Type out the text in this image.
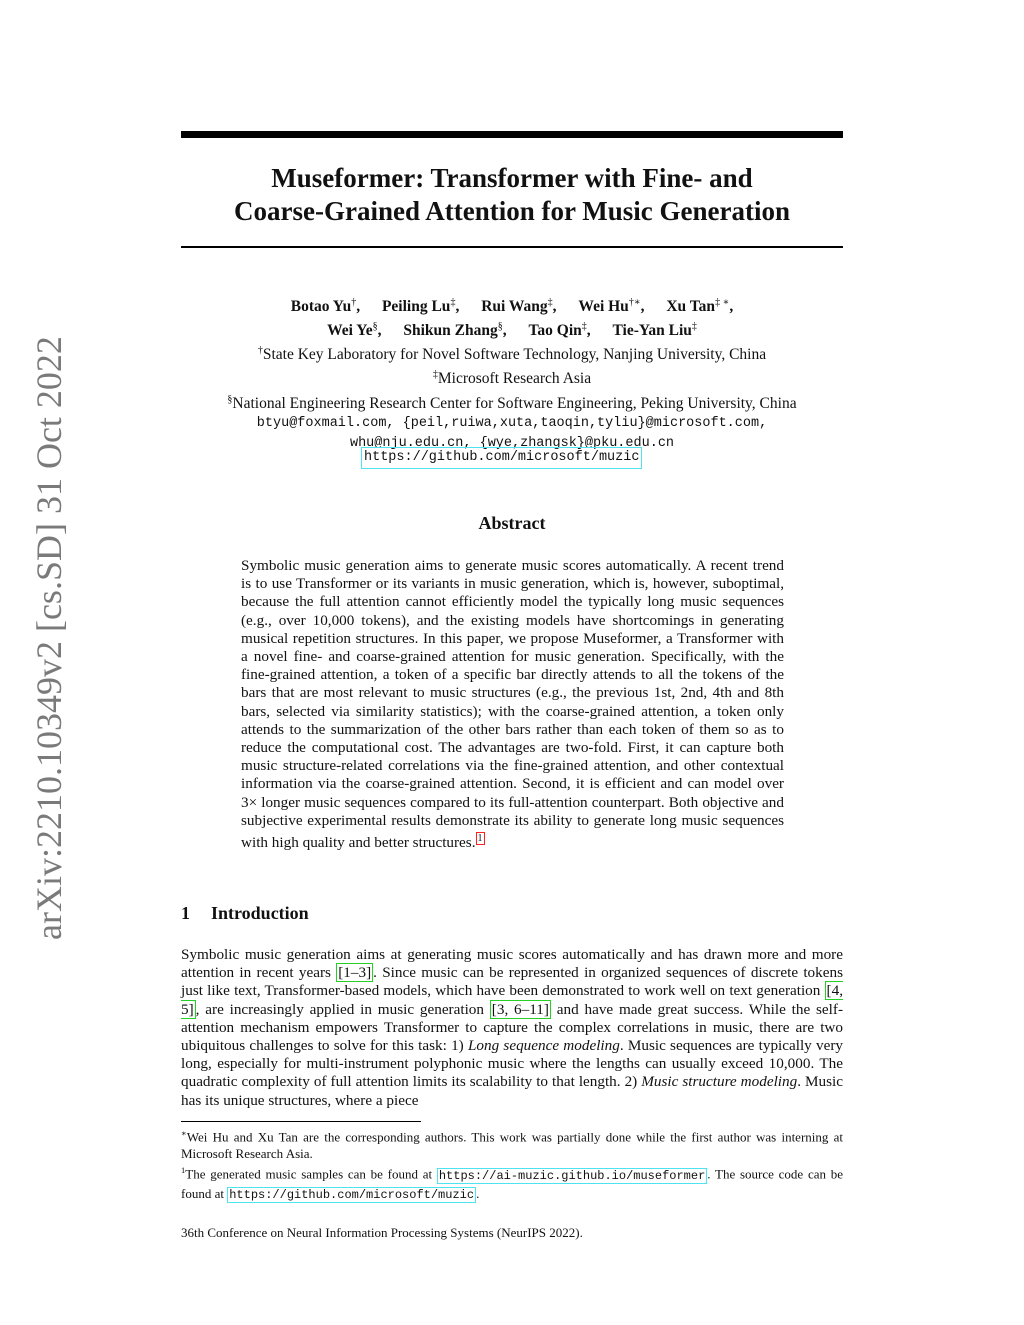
arXiv:2210.10349v2 [cs.SD] 31 Oct 2022
Museformer: Transformer with Fine- and
Coarse-Grained Attention for Music Generation
Botao Yu†, Peiling Lu‡, Rui Wang‡, Wei Hu†∗, Xu Tan‡ ∗,
Wei Ye§, Shikun Zhang§, Tao Qin‡, Tie-Yan Liu‡
†State Key Laboratory for Novel Software Technology, Nanjing University, China
‡Microsoft Research Asia
§National Engineering Research Center for Software Engineering, Peking University, China
btyu@foxmail.com, {peil,ruiwa,xuta,taoqin,tyliu}@microsoft.com,
whu@nju.edu.cn, {wye,zhangsk}@pku.edu.cn
https://github.com/microsoft/muzic
Abstract
Symbolic music generation aims to generate music scores automatically. A recent trend is to use Transformer or its variants in music generation, which is, however, suboptimal, because the full attention cannot efficiently model the typically long music sequences (e.g., over 10,000 tokens), and the existing models have shortcomings in generating musical repetition structures. In this paper, we propose Museformer, a Transformer with a novel fine- and coarse-grained attention for music generation. Specifically, with the fine-grained attention, a token of a specific bar directly attends to all the tokens of the bars that are most relevant to music structures (e.g., the previous 1st, 2nd, 4th and 8th bars, selected via similarity statistics); with the coarse-grained attention, a token only attends to the summarization of the other bars rather than each token of them so as to reduce the computational cost. The advantages are two-fold. First, it can capture both music structure-related correlations via the fine-grained attention, and other contextual information via the coarse-grained attention. Second, it is efficient and can model over 3× longer music sequences compared to its full-attention counterpart. Both objective and subjective experimental results demonstrate its ability to generate long music sequences with high quality and better structures. $^1$
1 Introduction
Symbolic music generation aims at generating music scores automatically and has drawn more and more attention in recent years [1–3] . Since music can be represented in organized sequences of discrete tokens just like text, Transformer-based models, which have been demonstrated to work well on text generation [4, 5] , are increasingly applied in music generation [3, 6–11] and have made great success. While the self-attention mechanism empowers Transformer to capture the complex correlations in music, there are two ubiquitous challenges to solve for this task: 1) Long sequence modeling. Music sequences are typically very long, especially for multi-instrument polyphonic music where the lengths can usually exceed 10,000. The quadratic complexity of full attention limits its scalability to that length. 2) Music structure modeling. Music has its unique structures, where a piece

∗Wei Hu and Xu Tan are the corresponding authors. This work was partially done while the first author was interning at Microsoft Research Asia.

$^1$The generated music samples can be found at https://ai-muzic.github.io/museformer . The source code can be found at https://github.com/microsoft/muzic .

36th Conference on Neural Information Processing Systems (NeurIPS 2022).
